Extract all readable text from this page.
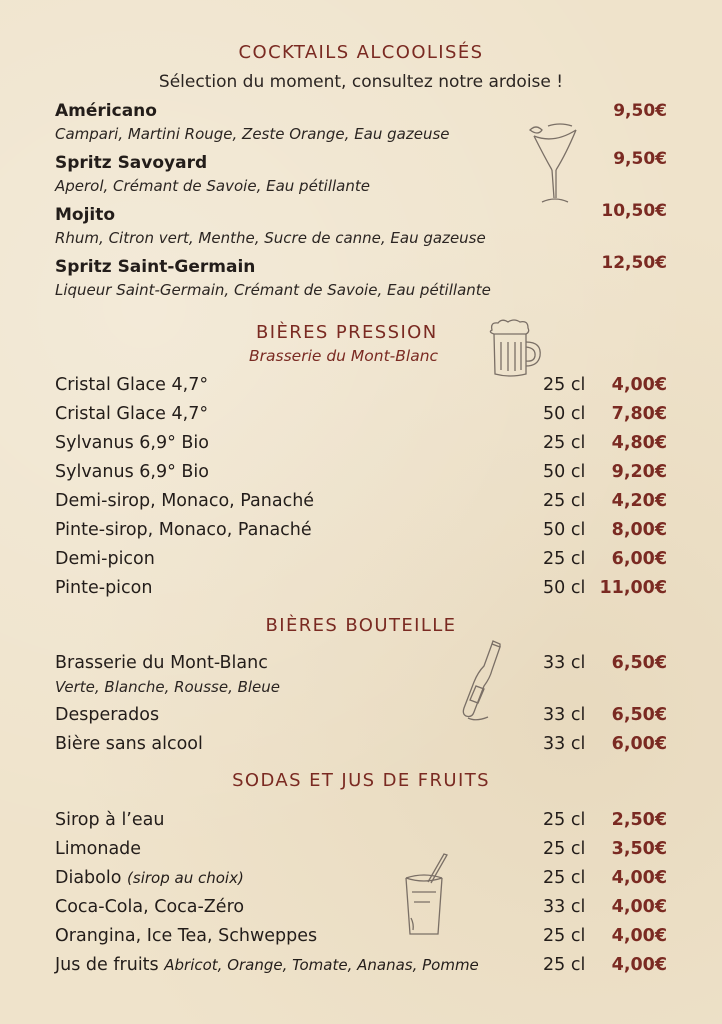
COCKTAILS ALCOOLISÉS
Sélection du moment, consultez notre ardoise !
Américano	9,50€
Campari, Martini Rouge, Zeste Orange, Eau gazeuse
Spritz Savoyard	9,50€
Aperol, Crémant de Savoie, Eau pétillante
Mojito	10,50€
Rhum, Citron vert, Menthe, Sucre de canne, Eau gazeuse
Spritz Saint-Germain	12,50€
Liqueur Saint-Germain, Crémant de Savoie, Eau pétillante
BIÈRES PRESSION
Brasserie du Mont-Blanc
Cristal Glace 4,7°	25 cl 4,00€
Cristal Glace 4,7°	50 cl 7,80€
Sylvanus 6,9° Bio	25 cl 4,80€
Sylvanus 6,9° Bio	50 cl 9,20€
Demi-sirop, Monaco, Panaché	25 cl 4,20€
Pinte-sirop, Monaco, Panaché	50 cl 8,00€
Demi-picon	25 cl 6,00€
Pinte-picon	50 cl 11,00€
BIÈRES BOUTEILLE
Brasserie du Mont-Blanc	33 cl 6,50€
Verte, Blanche, Rousse, Bleue
Desperados	33 cl 6,50€
Bière sans alcool	33 cl 6,00€
SODAS ET JUS DE FRUITS
Sirop à l’eau	25 cl 2,50€
Limonade	25 cl 3,50€
Diabolo (sirop au choix)	25 cl 4,00€
Coca-Cola, Coca-Zéro	33 cl 4,00€
Orangina, Ice Tea, Schweppes	25 cl 4,00€
Jus de fruits Abricot, Orange, Tomate, Ananas, Pomme	25 cl 4,00€
